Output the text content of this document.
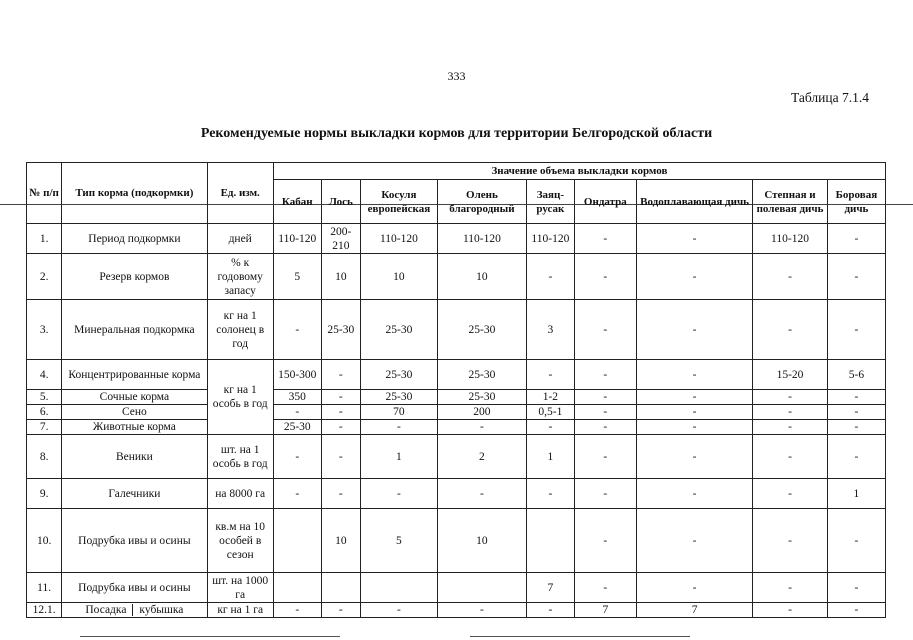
333
Таблица 7.1.4
Рекомендуемые нормы выкладки кормов для территории Белгородской области
№ п/п	Тип корма (подкормки)	Ед. изм.	Значение объема выкладки кормов								
			Кабан	Лось	Косуля европейская	Олень благородный	Заяц-русак	Ондатра	Водоплавающая дичь	Степная и полевая дичь	Боровая дичь
1.	Период подкормки	дней	110-120	200-210	110-120	110-120	110-120	-	-	110-120	-
2.	Резерв кормов	% к годовому запасу	5	10	10	10	-	-	-	-	-
3.	Минеральная подкормка	кг на 1 солонец в год	-	25-30	25-30	25-30	3	-	-	-	-
4.	Концентрированные корма	кг на 1 особь в год	150-300	-	25-30	25-30	-	-	-	15-20	5-6
5.	Сочные корма		350	-	25-30	25-30	1-2	-	-	-	-
6.	Сено		-	-	70	200	0,5-1	-	-	-	-
7.	Животные корма		25-30	-	-	-	-	-	-	-	-
8.	Веники	шт. на 1 особь в год	-	-	1	2	1	-	-	-	-
9.	Галечники	на 8000 га	-	-	-	-	-	-	-	-	1
10.	Подрубка ивы и осины	кв.м на 10 особей в сезон		10	5	10		-	-	-	-
11.	Подрубка ивы и осины	шт. на 1000 га					7	-	-	-	-
12.1.	Посадка кубышка	кг на 1 га	-	-	-	-	-	7	7	-	-
